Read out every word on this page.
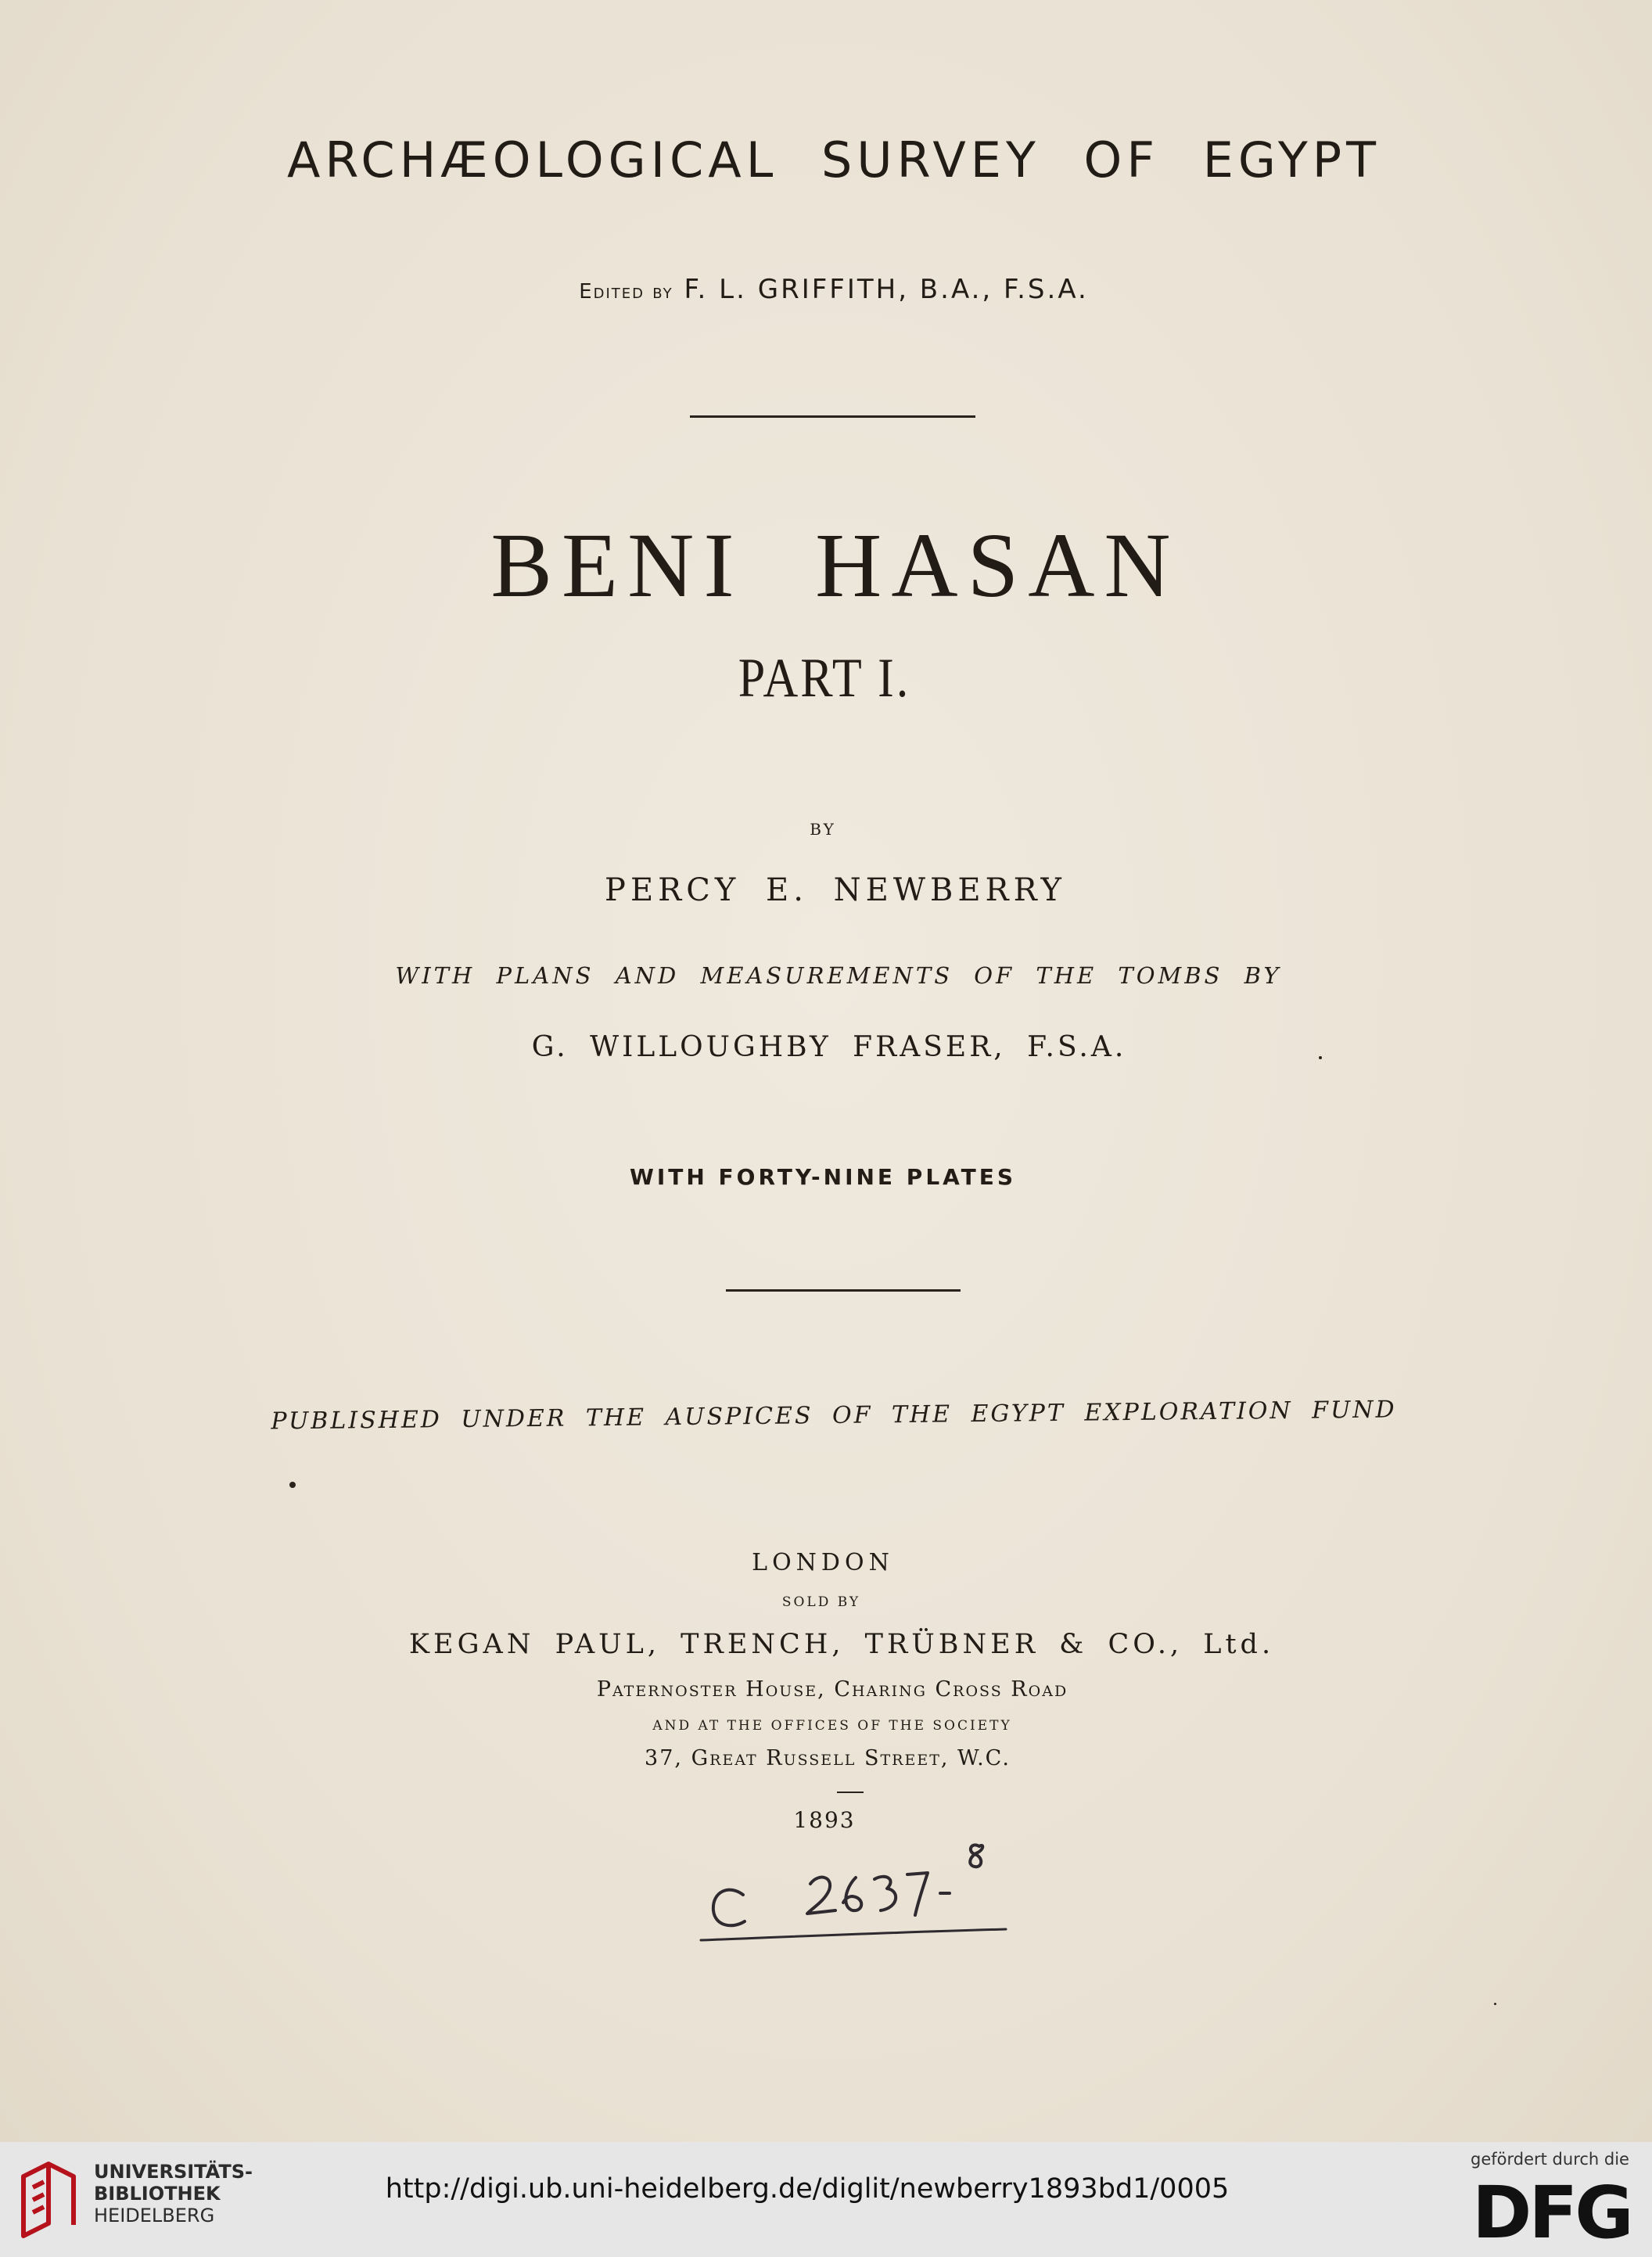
ARCHÆOLOGICAL SURVEY OF EGYPT
Edited by F. L. GRIFFITH, B.A., F.S.A.
BENI HASAN
PART I.
BY
PERCY E. NEWBERRY
WITH PLANS AND MEASUREMENTS OF THE TOMBS BY
G. WILLOUGHBY FRASER, F.S.A.
WITH FORTY-NINE PLATES
PUBLISHED UNDER THE AUSPICES OF THE EGYPT EXPLORATION FUND
LONDON
SOLD BY
KEGAN PAUL, TRENCH, TRÜBNER & CO., Ltd.
Paternoster House, Charing Cross Road
AND AT THE OFFICES OF THE SOCIETY
37, Great Russell Street, W.C.
1893
UNIVERSITÄTS-
BIBLIOTHEK
HEIDELBERG
http://digi.ub.uni-heidelberg.de/diglit/newberry1893bd1/0005
gefördert durch die
DFG
